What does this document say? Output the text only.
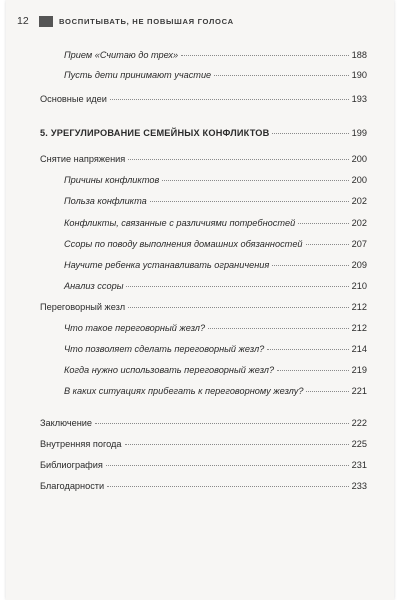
12	ВОСПИТЫВАТЬ, НЕ ПОВЫШАЯ ГОЛОСА
Прием «Считаю до трех»	188
Пусть дети принимают участие	190
Основные идеи	193
5. УРЕГУЛИРОВАНИЕ СЕМЕЙНЫХ КОНФЛИКТОВ	199
Снятие напряжения	200
Причины конфликтов	200
Польза конфликта	202
Конфликты, связанные с различиями потребностей	202
Ссоры по поводу выполнения домашних обязанностей	207
Научите ребенка устанавливать ограничения	209
Анализ ссоры	210
Переговорный жезл	212
Что такое переговорный жезл?	212
Что позволяет сделать переговорный жезл?	214
Когда нужно использовать переговорный жезл?	219
В каких ситуациях прибегать к переговорному жезлу?	221
Заключение	222
Внутренняя погода	225
Библиография	231
Благодарности	233
